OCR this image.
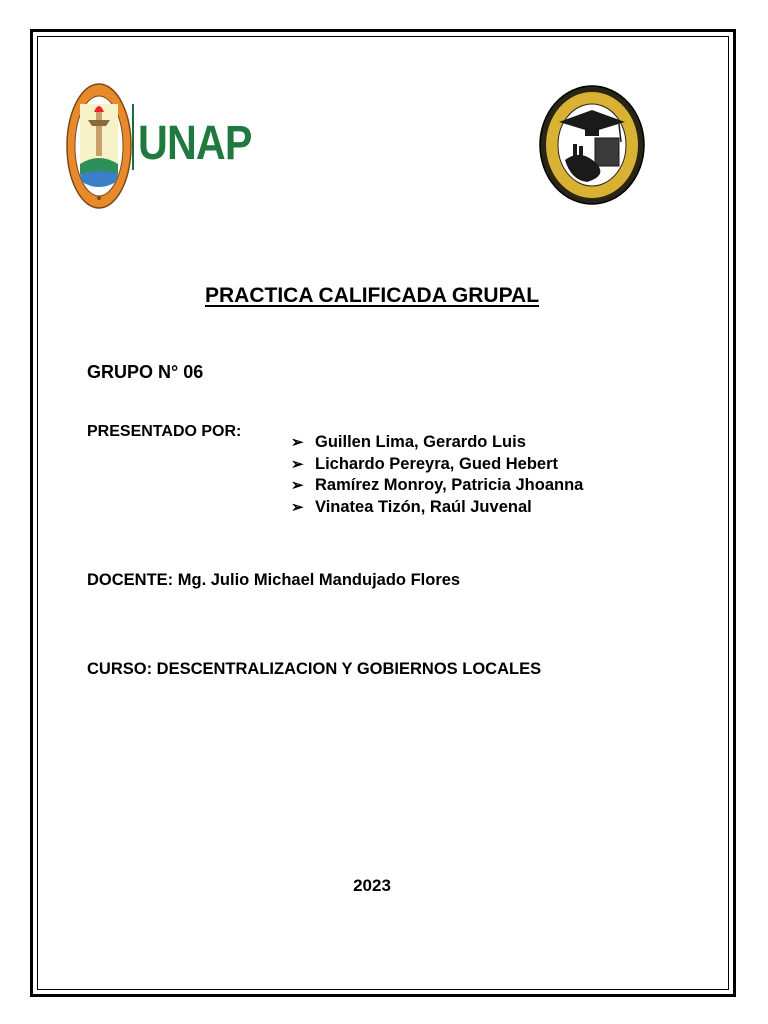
UNAP
PRACTICA CALIFICADA GRUPAL
GRUPO N° 06
PRESENTADO POR:
➢ Guillen Lima, Gerardo Luis
➢ Lichardo Pereyra, Gued Hebert
➢ Ramírez Monroy, Patricia Jhoanna
➢ Vinatea Tizón, Raúl Juvenal
DOCENTE: Mg. Julio Michael Mandujado Flores
CURSO: DESCENTRALIZACION Y GOBIERNOS LOCALES
2023
